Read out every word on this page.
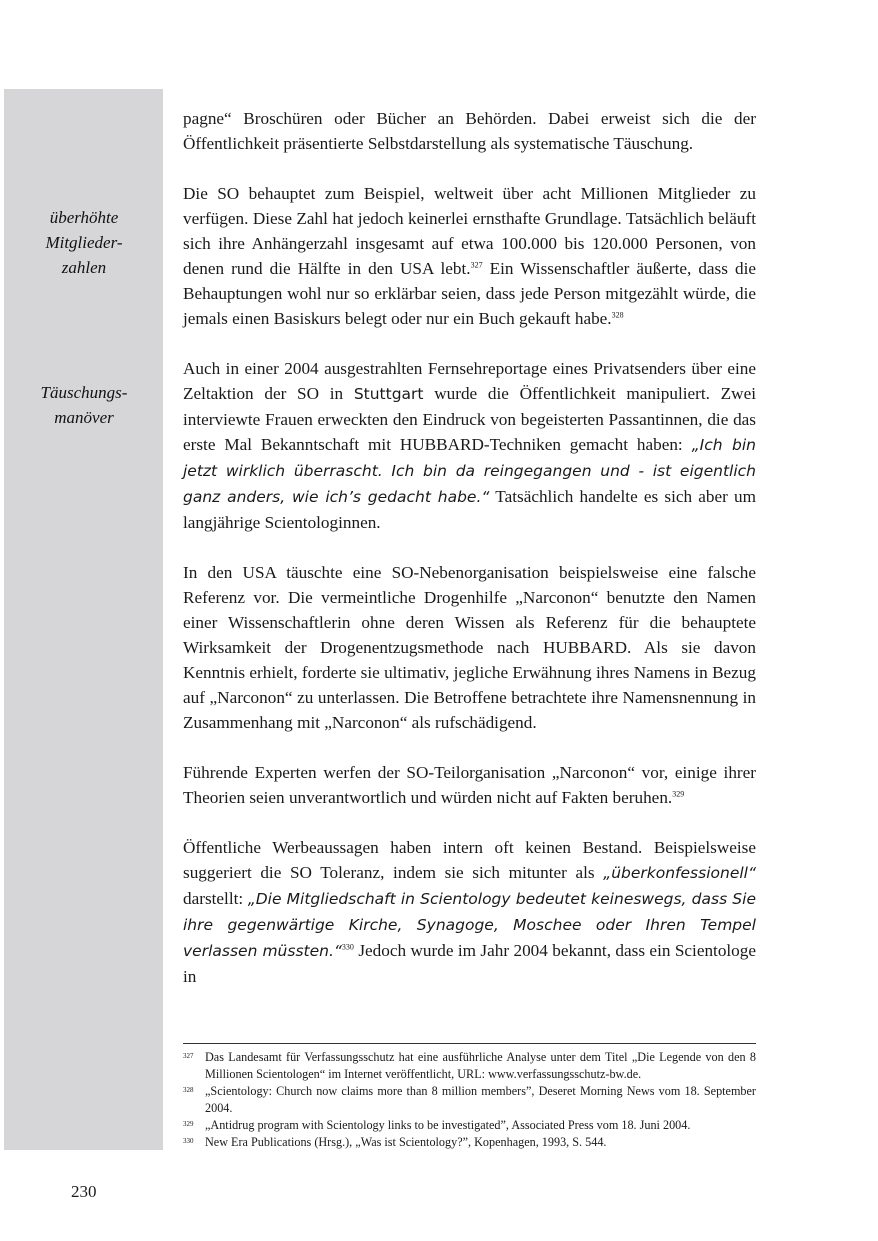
überhöhte
Mitglieder-
zahlen
Täuschungs-
manöver

pagne“ Broschüren oder Bücher an Behörden. Dabei erweist sich die der Öffentlichkeit präsentierte Selbstdarstellung als systematische Täuschung.

Die SO behauptet zum Beispiel, weltweit über acht Millionen Mitglieder zu verfügen. Diese Zahl hat jedoch keinerlei ernsthafte Grundlage. Tatsächlich beläuft sich ihre Anhängerzahl insgesamt auf etwa 100.000 bis 120.000 Personen, von denen rund die Hälfte in den USA lebt.$^{327}$ Ein Wissenschaftler äußerte, dass die Behauptungen wohl nur so erklärbar seien, dass jede Person mitgezählt würde, die jemals einen Basiskurs belegt oder nur ein Buch gekauft habe.$^{328}$

Auch in einer 2004 ausgestrahlten Fernsehreportage eines Privatsenders über eine Zeltaktion der SO in Stuttgart wurde die Öffentlichkeit manipuliert. Zwei interviewte Frauen erweckten den Eindruck von begeisterten Passantinnen, die das erste Mal Bekanntschaft mit HUBBARD-Techniken gemacht haben: „Ich bin jetzt wirklich überrascht. Ich bin da reingegangen und - ist eigentlich ganz anders, wie ich’s gedacht habe.“ Tatsächlich handelte es sich aber um langjährige Scientologinnen.

In den USA täuschte eine SO-Nebenorganisation beispielsweise eine falsche Referenz vor. Die vermeintliche Drogenhilfe „Narconon“ benutzte den Namen einer Wissenschaftlerin ohne deren Wissen als Referenz für die behauptete Wirksamkeit der Drogenentzugsmethode nach HUBBARD. Als sie davon Kenntnis erhielt, forderte sie ultimativ, jegliche Erwähnung ihres Namens in Bezug auf „Narconon“ zu unterlassen. Die Betroffene betrachtete ihre Namensnennung in Zusammenhang mit „Narconon“ als rufschädigend.

Führende Experten werfen der SO-Teilorganisation „Narconon“ vor, einige ihrer Theorien seien unverantwortlich und würden nicht auf Fakten beruhen.$^{329}$

Öffentliche Werbeaussagen haben intern oft keinen Bestand. Beispielsweise suggeriert die SO Toleranz, indem sie sich mitunter als „überkonfessionell“ darstellt: „Die Mitgliedschaft in Scientology bedeutet keineswegs, dass Sie ihre gegenwärtige Kirche, Synagoge, Moschee oder Ihren Tempel verlassen müssten.“$^{330}$ Jedoch wurde im Jahr 2004 bekannt, dass ein Scientologe in

327 Das Landesamt für Verfassungsschutz hat eine ausführliche Analyse unter dem Titel „Die Legende von den 8 Millionen Scientologen“ im Internet veröffentlicht, URL: www.verfassungsschutz-bw.de.
328 „Scientology: Church now claims more than 8 million members”, Deseret Morning News vom 18. September 2004.
329 „Antidrug program with Scientology links to be investigated”, Associated Press vom 18. Juni 2004.
330 New Era Publications (Hrsg.), „Was ist Scientology?”, Kopenhagen, 1993, S. 544.
230
